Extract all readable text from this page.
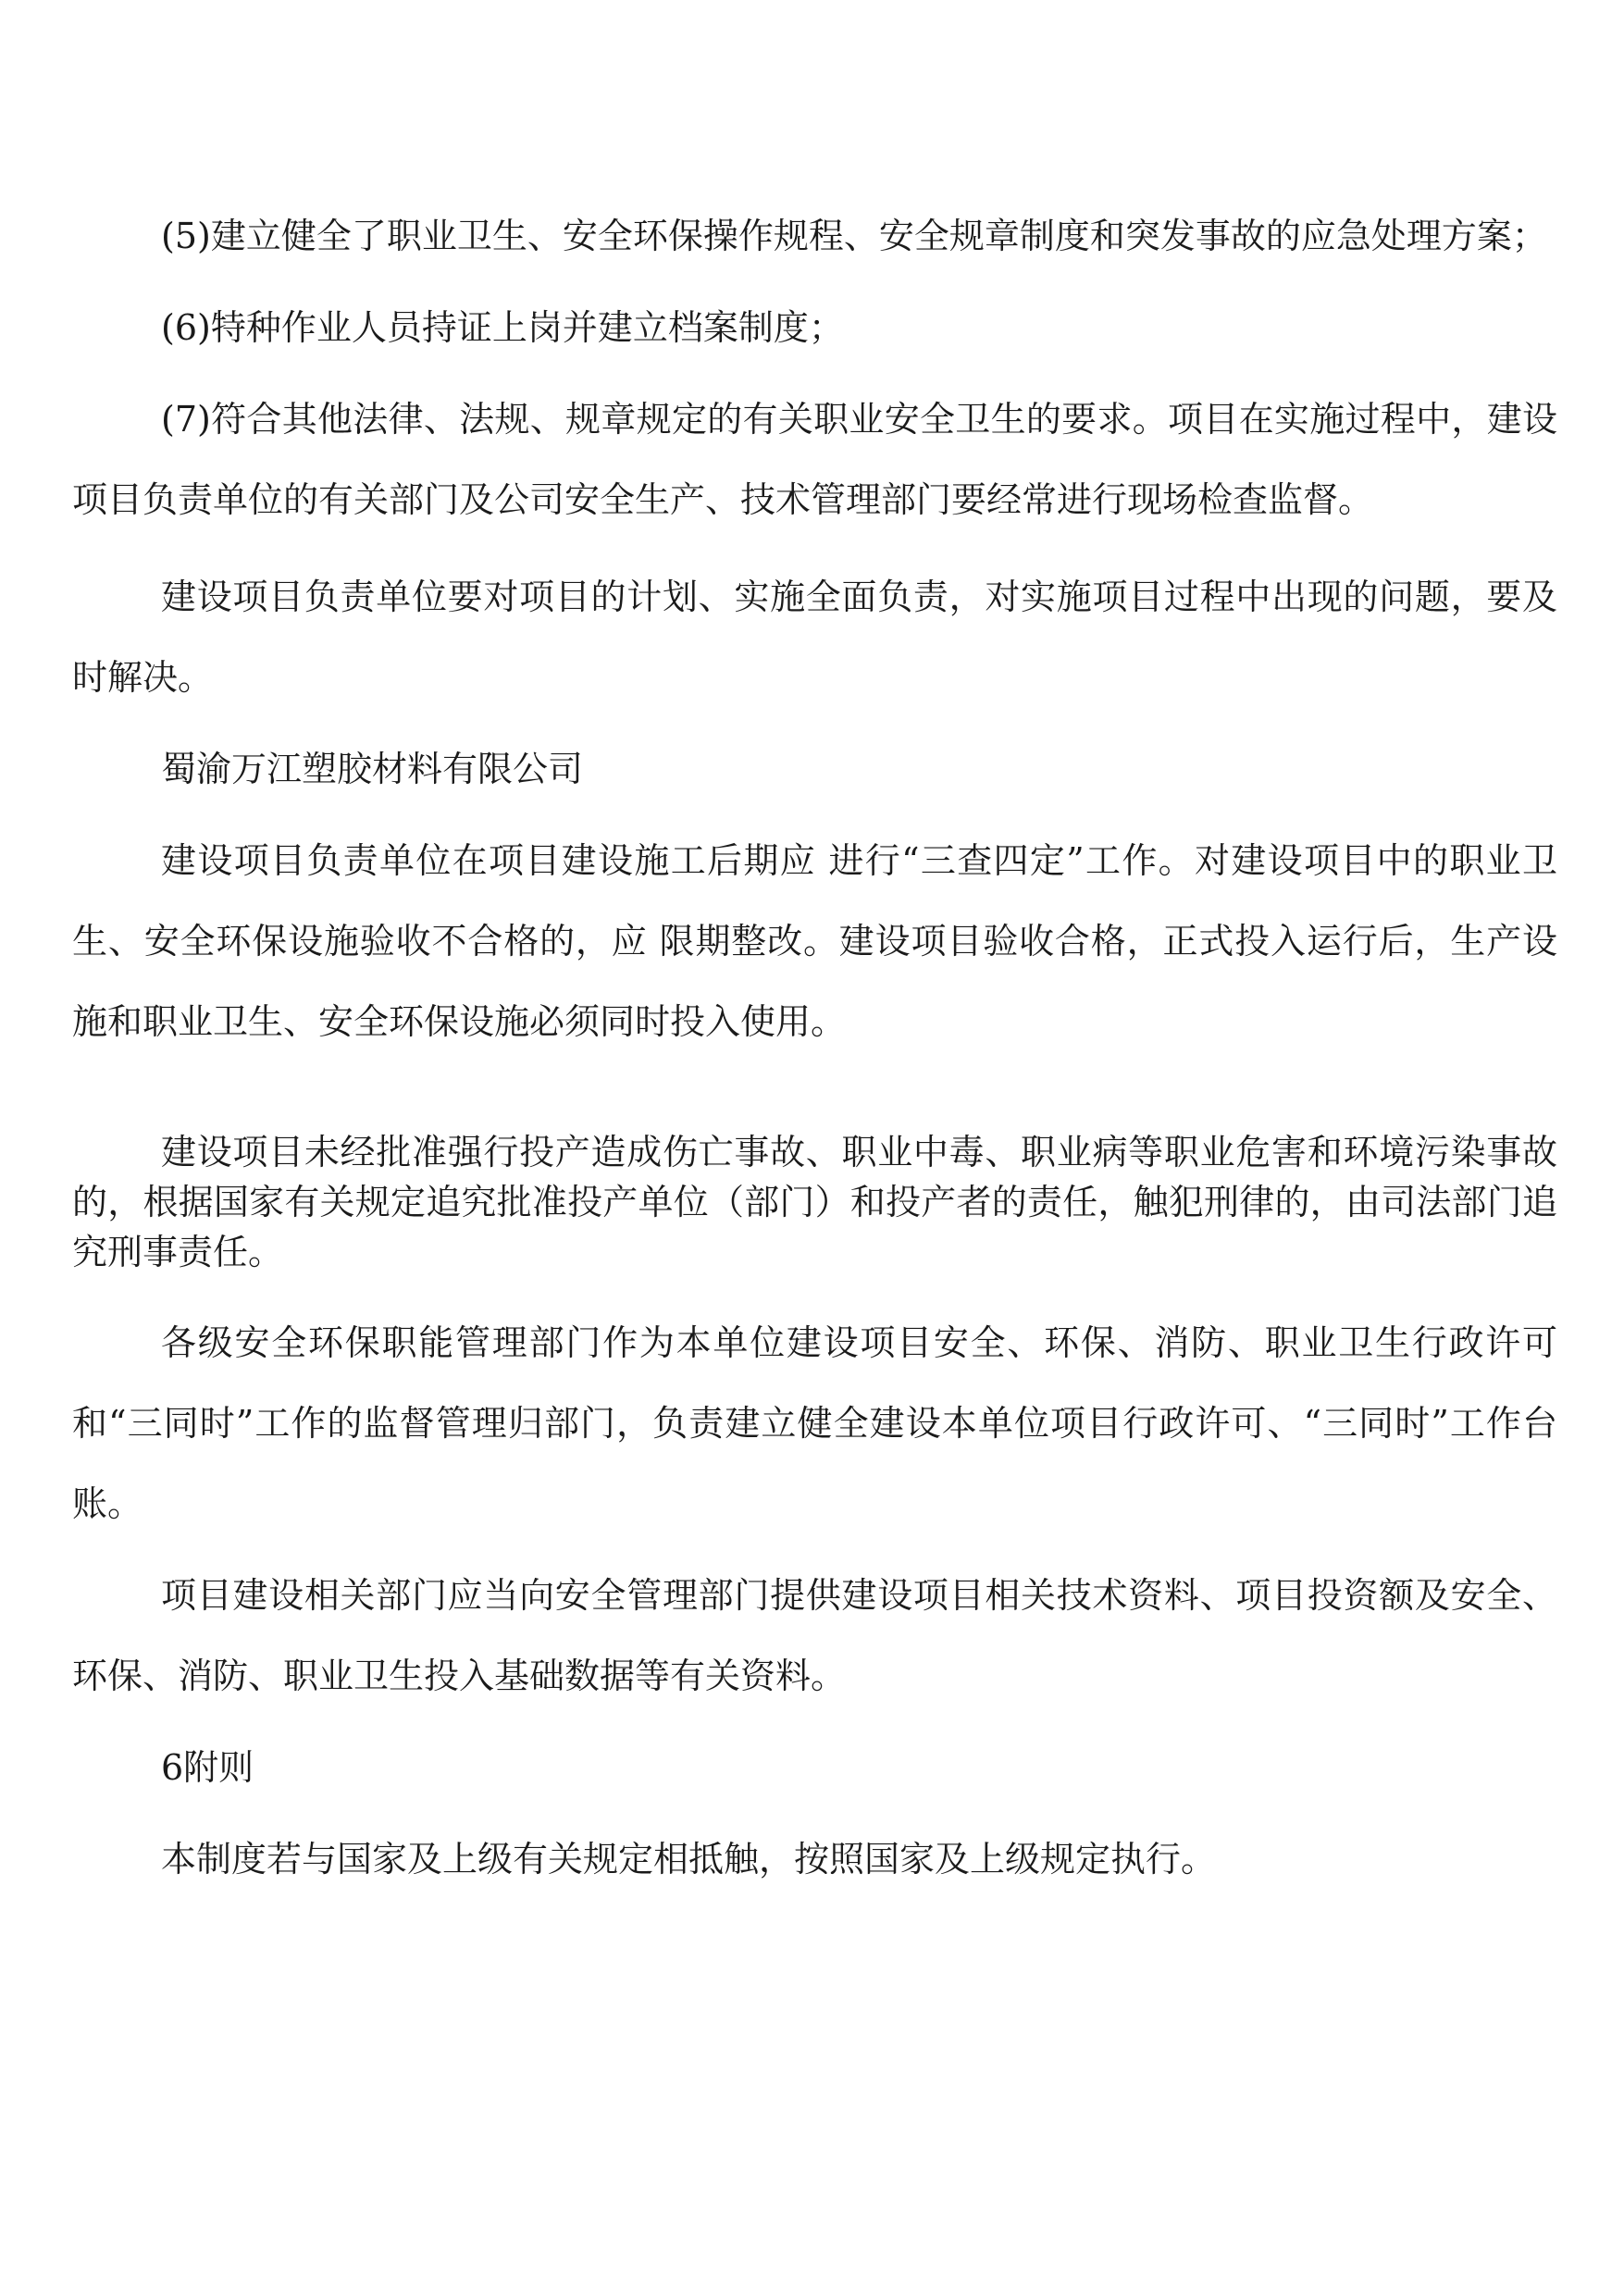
(5)建立健全了职业卫生、安全环保操作规程、安全规章制度和突发事故的应急处理方案；

(6)特种作业人员持证上岗并建立档案制度；

(7)符合其他法律、法规、规章规定的有关职业安全卫生的要求。项目在实施过程中，建设项目负责单位的有关部门及公司安全生产、技术管理部门要经常进行现场检查监督。

建设项目负责单位要对项目的计划、实施全面负责，对实施项目过程中出现的问题，要及时解决。

蜀渝万江塑胶材料有限公司

建设项目负责单位在项目建设施工后期应 进行“三查四定”工作。对建设项目中的职业卫生、安全环保设施验收不合格的，应 限期整改。建设项目验收合格，正式投入运行后，生产设施和职业卫生、安全环保设施必须同时投入使用。

建设项目未经批准强行投产造成伤亡事故、职业中毒、职业病等职业危害和环境污染事故的，根据国家有关规定追究批准投产单位（部门）和投产者的责任，触犯刑律的，由司法部门追究刑事责任。

各级安全环保职能管理部门作为本单位建设项目安全、环保、消防、职业卫生行政许可和“三同时”工作的监督管理归部门，负责建立健全建设本单位项目行政许可、“三同时”工作台账。

项目建设相关部门应当向安全管理部门提供建设项目相关技术资料、项目投资额及安全、环保、消防、职业卫生投入基础数据等有关资料。

6附则

本制度若与国家及上级有关规定相抵触，按照国家及上级规定执行。
